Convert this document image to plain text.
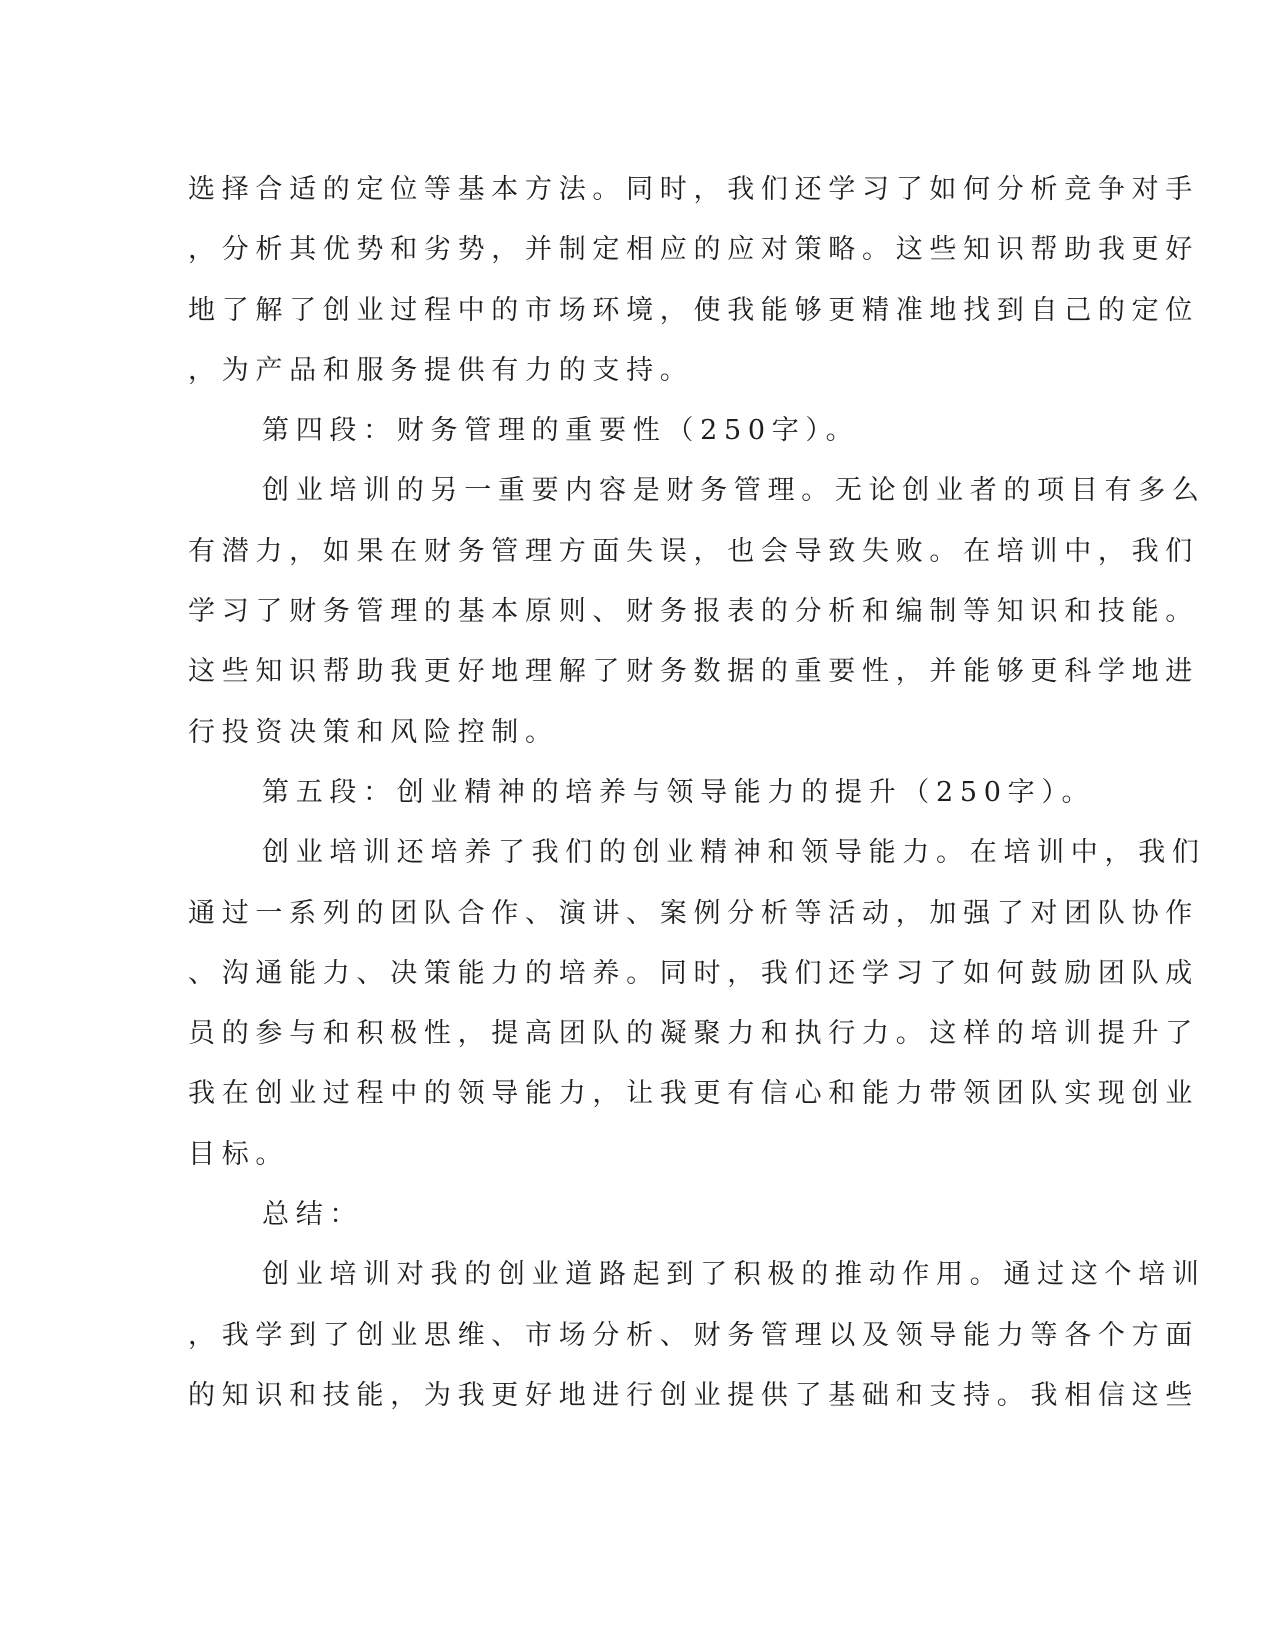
选择合适的定位等基本方法。同时，我们还学习了如何分析竞争对手
，分析其优势和劣势，并制定相应的应对策略。这些知识帮助我更好
地了解了创业过程中的市场环境，使我能够更精准地找到自己的定位
，为产品和服务提供有力的支持。
第四段：财务管理的重要性（250字）。
创业培训的另一重要内容是财务管理。无论创业者的项目有多么
有潜力，如果在财务管理方面失误，也会导致失败。在培训中，我们
学习了财务管理的基本原则、财务报表的分析和编制等知识和技能。
这些知识帮助我更好地理解了财务数据的重要性，并能够更科学地进
行投资决策和风险控制。
第五段：创业精神的培养与领导能力的提升（250字）。
创业培训还培养了我们的创业精神和领导能力。在培训中，我们
通过一系列的团队合作、演讲、案例分析等活动，加强了对团队协作
、沟通能力、决策能力的培养。同时，我们还学习了如何鼓励团队成
员的参与和积极性，提高团队的凝聚力和执行力。这样的培训提升了
我在创业过程中的领导能力，让我更有信心和能力带领团队实现创业
目标。
总结：
创业培训对我的创业道路起到了积极的推动作用。通过这个培训
，我学到了创业思维、市场分析、财务管理以及领导能力等各个方面
的知识和技能，为我更好地进行创业提供了基础和支持。我相信这些
